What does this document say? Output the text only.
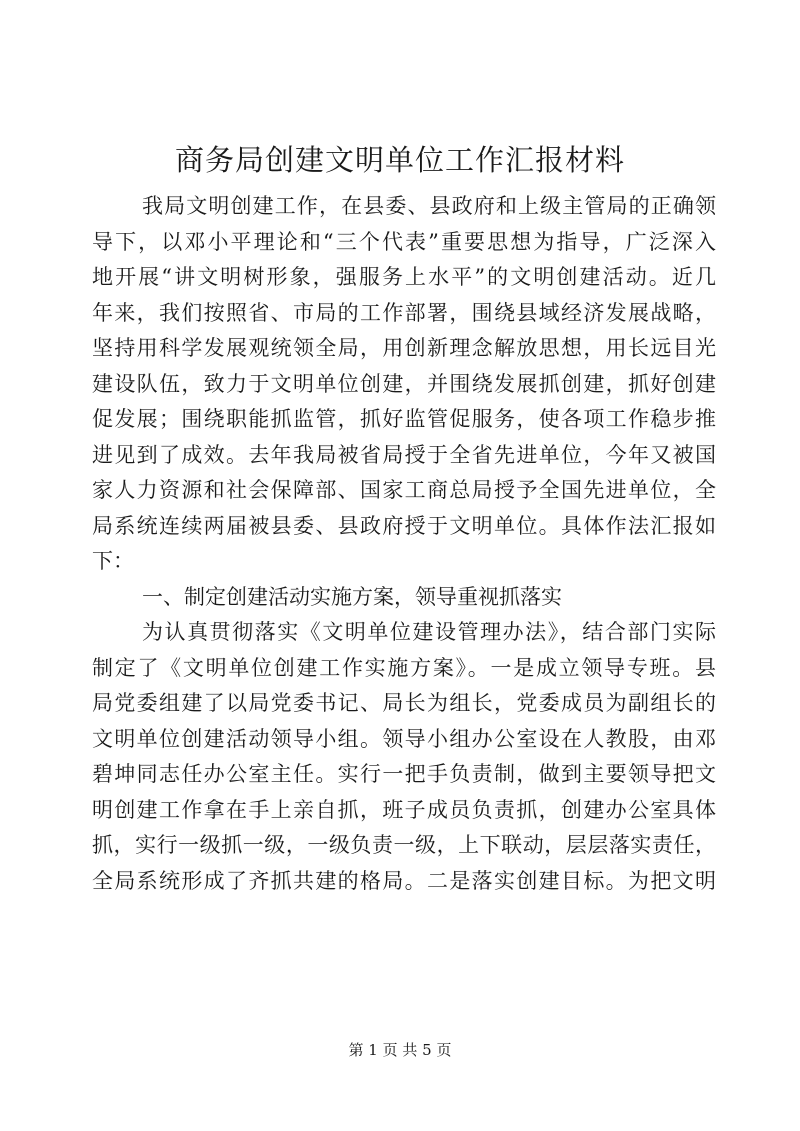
商务局创建文明单位工作汇报材料
我局文明创建工作，在县委、县政府和上级主管局的正确领
导下，以邓小平理论和“三个代表”重要思想为指导，广泛深入
地开展“讲文明树形象，强服务上水平”的文明创建活动。近几
年来，我们按照省、市局的工作部署，围绕县域经济发展战略，
坚持用科学发展观统领全局，用创新理念解放思想，用长远目光
建设队伍，致力于文明单位创建，并围绕发展抓创建，抓好创建
促发展；围绕职能抓监管，抓好监管促服务，使各项工作稳步推
进见到了成效。去年我局被省局授于全省先进单位，今年又被国
家人力资源和社会保障部、国家工商总局授予全国先进单位，全
局系统连续两届被县委、县政府授于文明单位。具体作法汇报如
下：
一、制定创建活动实施方案，领导重视抓落实
为认真贯彻落实《文明单位建设管理办法》，结合部门实际
制定了《文明单位创建工作实施方案》。一是成立领导专班。县
局党委组建了以局党委书记、局长为组长，党委成员为副组长的
文明单位创建活动领导小组。领导小组办公室设在人教股，由邓
碧坤同志任办公室主任。实行一把手负责制，做到主要领导把文
明创建工作拿在手上亲自抓，班子成员负责抓，创建办公室具体
抓，实行一级抓一级，一级负责一级，上下联动，层层落实责任，
全局系统形成了齐抓共建的格局。二是落实创建目标。为把文明
第 1 页 共 5 页
